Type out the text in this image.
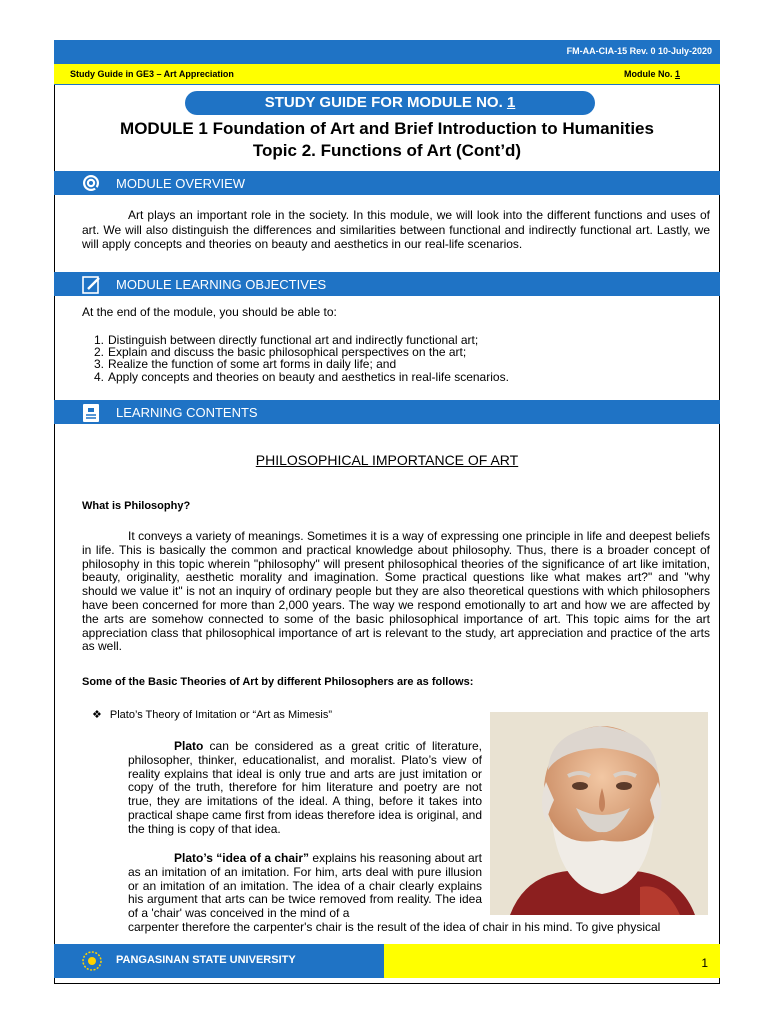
FM-AA-CIA-15 Rev. 0 10-July-2020
Study Guide in GE3 – Art Appreciation	Module No. 1
STUDY GUIDE FOR MODULE NO. 1
MODULE 1 Foundation of Art and Brief Introduction to Humanities
Topic 2. Functions of Art (Cont’d)
MODULE OVERVIEW
Art plays an important role in the society. In this module, we will look into the different functions and uses of art. We will also distinguish the differences and similarities between functional and indirectly functional art. Lastly, we will apply concepts and theories on beauty and aesthetics in our real-life scenarios.
MODULE LEARNING OBJECTIVES
At the end of the module, you should be able to:
1. Distinguish between directly functional art and indirectly functional art;
2. Explain and discuss the basic philosophical perspectives on the art;
3. Realize the function of some art forms in daily life; and
4. Apply concepts and theories on beauty and aesthetics in real-life scenarios.
LEARNING CONTENTS
PHILOSOPHICAL IMPORTANCE OF ART
What is Philosophy?
It conveys a variety of meanings. Sometimes it is a way of expressing one principle in life and deepest beliefs in life. This is basically the common and practical knowledge about philosophy. Thus, there is a broader concept of philosophy in this topic wherein "philosophy" will present philosophical theories of the significance of art like imitation, beauty, originality, aesthetic morality and imagination. Some practical questions like what makes art?" and "why should we value it" is not an inquiry of ordinary people but they are also theoretical questions with which philosophers have been concerned for more than 2,000 years. The way we respond emotionally to art and how we are affected by the arts are somehow connected to some of the basic philosophical importance of art. This topic aims for the art appreciation class that philosophical importance of art is relevant to the study, art appreciation and practice of the arts as well.
Some of the Basic Theories of Art by different Philosophers are as follows:
❖ Plato’s Theory of Imitation or “Art as Mimesis”
Plato can be considered as a great critic of literature, philosopher, thinker, educationalist, and moralist. Plato’s view of reality explains that ideal is only true and arts are just imitation or copy of the truth, therefore for him literature and poetry are not true, they are imitations of the ideal. A thing, before it takes into practical shape came first from ideas therefore idea is original, and the thing is copy of that idea.
Plato’s “idea of a chair” explains his reasoning about art as an imitation of an imitation. For him, arts deal with pure illusion or an imitation of an imitation. The idea of a chair clearly explains his argument that arts can be twice removed from reality. The idea of a 'chair' was conceived in the mind of a
carpenter therefore the carpenter's chair is the result of the idea of chair in his mind. To give physical
PANGASINAN STATE UNIVERSITY	1
